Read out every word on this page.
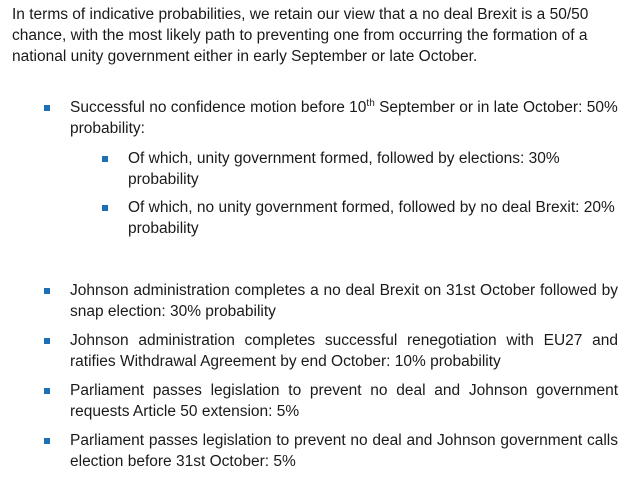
In terms of indicative probabilities, we retain our view that a no deal Brexit is a 50/50 chance, with the most likely path to preventing one from occurring the formation of a national unity government either in early September or late October.

Successful no confidence motion before 10th September or in late October: 50% probability:
Of which, unity government formed, followed by elections: 30% probability
Of which, no unity government formed, followed by no deal Brexit: 20% probability
Johnson administration completes a no deal Brexit on 31st October followed by snap election: 30% probability
Johnson administration completes successful renegotiation with EU27 and ratifies Withdrawal Agreement by end October: 10% probability
Parliament passes legislation to prevent no deal and Johnson government requests Article 50 extension: 5%
Parliament passes legislation to prevent no deal and Johnson government calls election before 31st October: 5%
